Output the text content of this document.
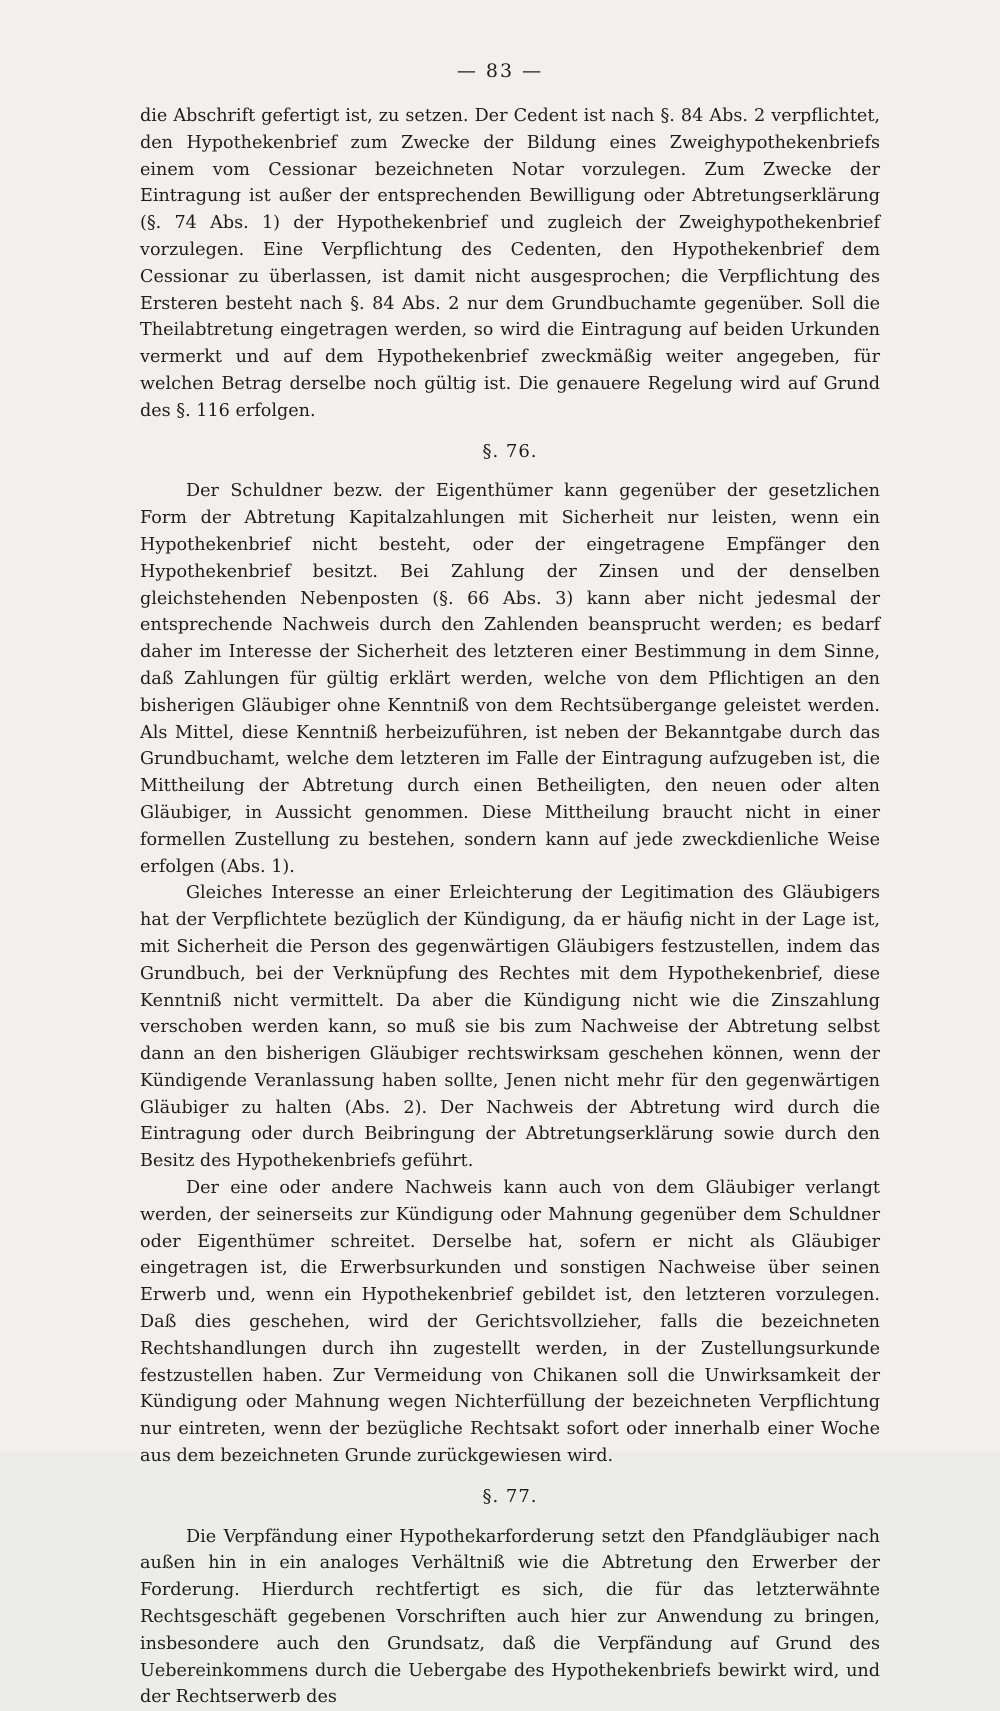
— 83 —

die Abschrift gefertigt ist, zu setzen. Der Cedent ist nach §. 84 Abs. 2 verpflichtet, den Hypothekenbrief zum Zwecke der Bildung eines Zweighypothekenbriefs einem vom Cessionar bezeichneten Notar vorzulegen. Zum Zwecke der Eintragung ist außer der entsprechenden Bewilligung oder Abtretungserklärung (§. 74 Abs. 1) der Hypothekenbrief und zugleich der Zweighypothekenbrief vorzulegen. Eine Verpflichtung des Cedenten, den Hypothekenbrief dem Cessionar zu überlassen, ist damit nicht ausgesprochen; die Verpflichtung des Ersteren besteht nach §. 84 Abs. 2 nur dem Grundbuchamte gegenüber. Soll die Theilabtretung eingetragen werden, so wird die Eintragung auf beiden Urkunden vermerkt und auf dem Hypothekenbrief zweckmäßig weiter angegeben, für welchen Betrag derselbe noch gültig ist. Die genauere Regelung wird auf Grund des §. 116 erfolgen.

§. 76.

Der Schuldner bezw. der Eigenthümer kann gegenüber der gesetzlichen Form der Abtretung Kapitalzahlungen mit Sicherheit nur leisten, wenn ein Hypothekenbrief nicht besteht, oder der eingetragene Empfänger den Hypothekenbrief besitzt. Bei Zahlung der Zinsen und der denselben gleichstehenden Nebenposten (§. 66 Abs. 3) kann aber nicht jedesmal der entsprechende Nachweis durch den Zahlenden beansprucht werden; es bedarf daher im Interesse der Sicherheit des letzteren einer Bestimmung in dem Sinne, daß Zahlungen für gültig erklärt werden, welche von dem Pflichtigen an den bisherigen Gläubiger ohne Kenntniß von dem Rechtsübergange geleistet werden. Als Mittel, diese Kenntniß herbeizuführen, ist neben der Bekanntgabe durch das Grundbuchamt, welche dem letzteren im Falle der Eintragung aufzugeben ist, die Mittheilung der Abtretung durch einen Betheiligten, den neuen oder alten Gläubiger, in Aussicht genommen. Diese Mittheilung braucht nicht in einer formellen Zustellung zu bestehen, sondern kann auf jede zweckdienliche Weise erfolgen (Abs. 1).

Gleiches Interesse an einer Erleichterung der Legitimation des Gläubigers hat der Verpflichtete bezüglich der Kündigung, da er häufig nicht in der Lage ist, mit Sicherheit die Person des gegenwärtigen Gläubigers festzustellen, indem das Grundbuch, bei der Verknüpfung des Rechtes mit dem Hypothekenbrief, diese Kenntniß nicht vermittelt. Da aber die Kündigung nicht wie die Zinszahlung verschoben werden kann, so muß sie bis zum Nachweise der Abtretung selbst dann an den bisherigen Gläubiger rechtswirksam geschehen können, wenn der Kündigende Veranlassung haben sollte, Jenen nicht mehr für den gegenwärtigen Gläubiger zu halten (Abs. 2). Der Nachweis der Abtretung wird durch die Eintragung oder durch Beibringung der Abtretungserklärung sowie durch den Besitz des Hypothekenbriefs geführt.

Der eine oder andere Nachweis kann auch von dem Gläubiger verlangt werden, der seinerseits zur Kündigung oder Mahnung gegenüber dem Schuldner oder Eigenthümer schreitet. Derselbe hat, sofern er nicht als Gläubiger eingetragen ist, die Erwerbsurkunden und sonstigen Nachweise über seinen Erwerb und, wenn ein Hypothekenbrief gebildet ist, den letzteren vorzulegen. Daß dies geschehen, wird der Gerichtsvollzieher, falls die bezeichneten Rechtshandlungen durch ihn zugestellt werden, in der Zustellungsurkunde festzustellen haben. Zur Vermeidung von Chikanen soll die Unwirksamkeit der Kündigung oder Mahnung wegen Nichterfüllung der bezeichneten Verpflichtung nur eintreten, wenn der bezügliche Rechtsakt sofort oder innerhalb einer Woche aus dem bezeichneten Grunde zurückgewiesen wird.

§. 77.

Die Verpfändung einer Hypothekarforderung setzt den Pfandgläubiger nach außen hin in ein analoges Verhältniß wie die Abtretung den Erwerber der Forderung. Hierdurch rechtfertigt es sich, die für das letzterwähnte Rechtsgeschäft gegebenen Vorschriften auch hier zur Anwendung zu bringen, insbesondere auch den Grundsatz, daß die Verpfändung auf Grund des Uebereinkommens durch die Uebergabe des Hypothekenbriefs bewirkt wird, und der Rechtserwerb des
